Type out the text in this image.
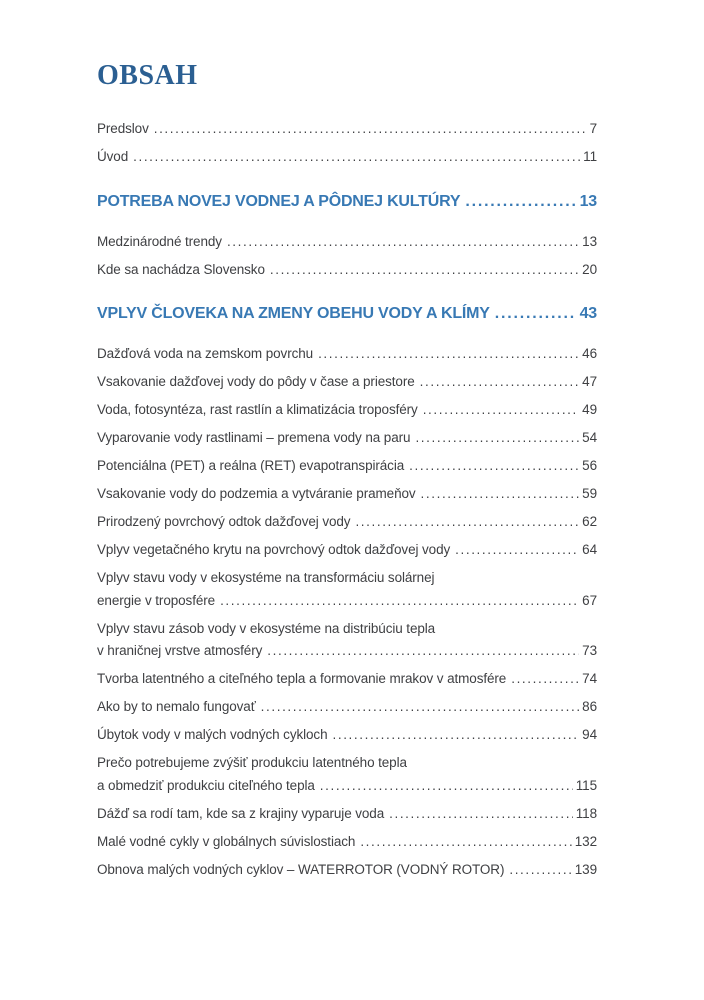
OBSAH
Predslov .....	7
Úvod .....	11
POTREBA NOVEJ VODNEJ A PÔDNEJ KULTÚRY .....	13
Medzinárodné trendy .....	13
Kde sa nachádza Slovensko .....	20
VPLYV ČLOVEKA NA ZMENY OBEHU VODY A KLÍMY .....	43
Dažďová voda na zemskom povrchu .....	46
Vsakovanie dažďovej vody do pôdy v čase a priestore .....	47
Voda, fotosyntéza, rast rastlín a klimatizácia troposféry .....	49
Vyparovanie vody rastlinami – premena vody na paru .....	54
Potenciálna (PET) a reálna (RET) evapotranspirácia .....	56
Vsakovanie vody do podzemia a vytváranie prameňov .....	59
Prirodzený povrchový odtok dažďovej vody .....	62
Vplyv vegetačného krytu na povrchový odtok dažďovej vody .....	64
Vplyv stavu vody v ekosystéme na transformáciu solárnej
energie v troposfére .....	67
Vplyv stavu zásob vody v ekosystéme na distribúciu tepla
v hraničnej vrstve atmosféry .....	73
Tvorba latentného a citeľného tepla a formovanie mrakov v atmosfére .....	74
Ako by to nemalo fungovať .....	86
Úbytok vody v malých vodných cykloch .....	94
Prečo potrebujeme zvýšiť produkciu latentného tepla
a obmedziť produkciu citeľného tepla .....	115
Dážď sa rodí tam, kde sa z krajiny vyparuje voda .....	118
Malé vodné cykly v globálnych súvislostiach .....	132
Obnova malých vodných cyklov – WATERROTOR (VODNÝ ROTOR) .....	139
